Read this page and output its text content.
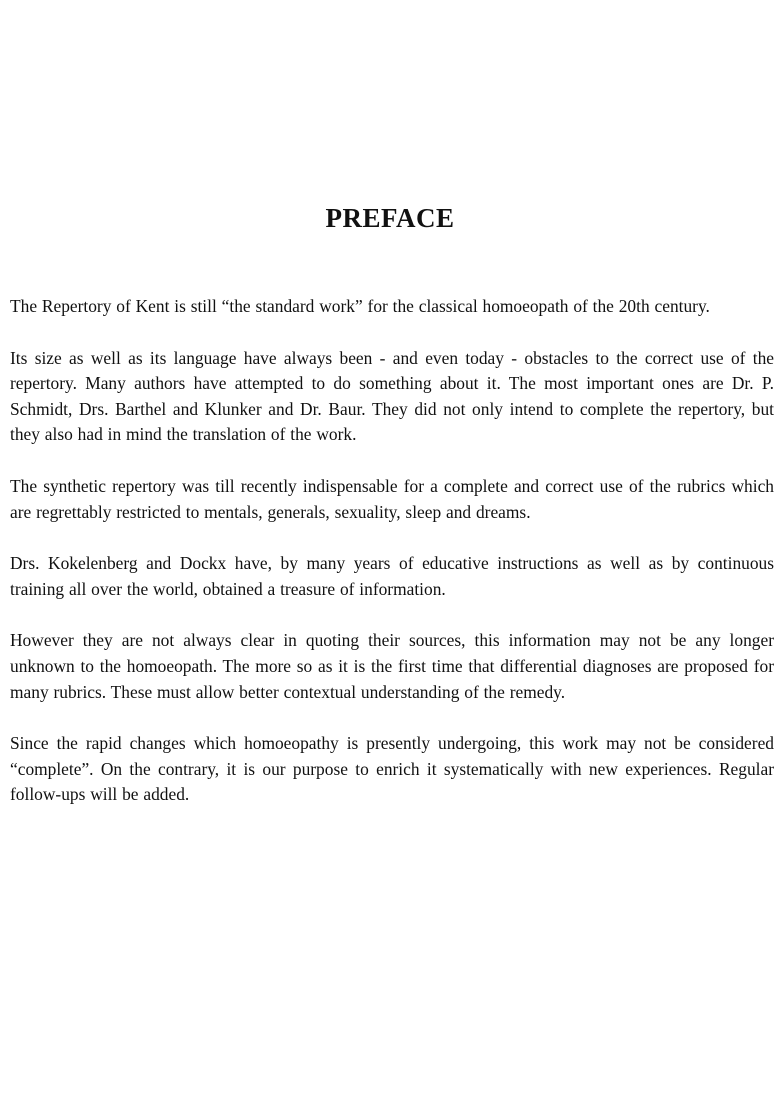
PREFACE

The Repertory of Kent is still “the standard work” for the classical homoeopath of the 20th century.

Its size as well as its language have always been - and even today - obstacles to the correct use of the repertory. Many authors have attempted to do something about it. The most important ones are Dr. P. Schmidt, Drs. Barthel and Klunker and Dr. Baur. They did not only intend to complete the repertory, but they also had in mind the translation of the work.

The synthetic repertory was till recently indispensable for a complete and correct use of the rubrics which are regrettably restricted to mentals, generals, sexuality, sleep and dreams.

Drs. Kokelenberg and Dockx have, by many years of educative instructions as well as by continuous training all over the world, obtained a treasure of information.

However they are not always clear in quoting their sources, this information may not be any longer unknown to the homoeopath. The more so as it is the first time that differential diagnoses are proposed for many rubrics. These must allow better contextual understanding of the remedy.

Since the rapid changes which homoeopathy is presently undergoing, this work may not be considered “complete”. On the contrary, it is our purpose to enrich it systematically with new experiences. Regular follow-ups will be added.
